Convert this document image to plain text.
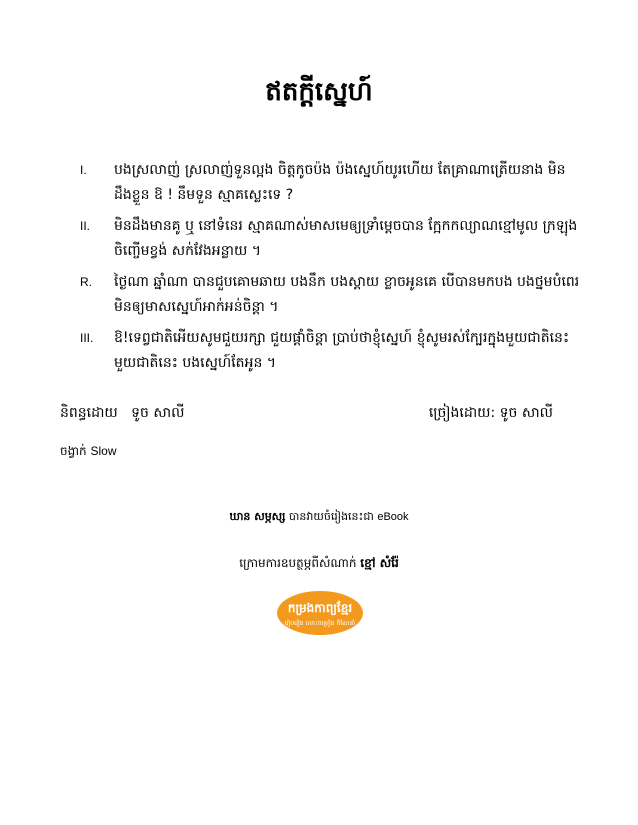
ឥតក្ដីស្នេហ៍
I.	បងស្រលាញ់ ស្រលាញ់ទួនល្អង ចិត្តកូចប៉ង ប៉ងស្នេហ៍យូរហើយ តែគ្រាណាត្រើយនាង មិនដឹងខ្លួន ឱ ! នឹមទួន ស្មាគស្លេះទេ ?
II.	មិនដឹងមានគូ ឬ នៅទំនេរ ស្មាគណាស់មាសមេឲ្យទ្រាំម្ដេចបាន ក្អែកកល្យាណខ្មៅមូល ក្រឡុង ចិញ្ចើមខ្វង់ សក់វែងអន្លាយ ។
R.	ថ្ងៃណា ឆ្នាំណា បានជួបគោមឆាយ បងនឹក បងស្ដាយ ខ្លាចអូនគេ បើបានមកបង បងថ្នមបំពេរ មិនឲ្យមាសស្នេហ៍អាក់អន់ចិន្ដា ។
III.	ឱ!ទេព្វជាតិអើយសូមជួយរក្សា ជួយផ្ដាំចិន្ដា ប្រាប់ថាខ្ញុំស្នេហ៍ ខ្ញុំសូមរស់ក្បែរក្នុងមួយជាតិនេះ មួយជាតិនេះ បងស្នេហ៍តែអូន ។
និពន្ធដោយ ទូច សាលី	ច្រៀងដោយ: ទូច សាលី
ចង្វាក់ Slow
ឃាន សម្ភស្ស បានវាយចំរៀងនេះជា eBook
ក្រោមការឧបត្ថម្ភពីសំណាក់ ខ្មៅ សំរ៉ែ
កម្រងកាព្យខ្មែរ
រៀបរៀង លោះចម្រៀង ក៏ណែនាំ
